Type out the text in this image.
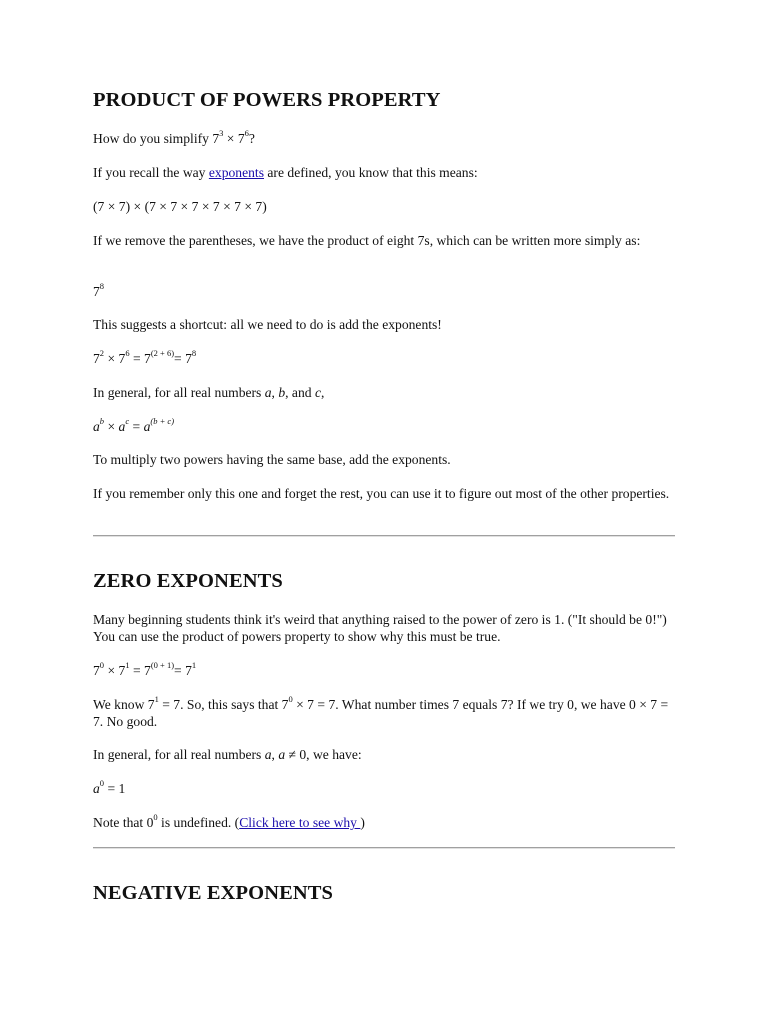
PRODUCT OF POWERS PROPERTY

How do you simplify $7^3 \times 7^6$?

If you recall the way exponents are defined, you know that this means:

(7 × 7) × (7 × 7 × 7 × 7 × 7 × 7)

If we remove the parentheses, we have the product of eight 7s, which can be written more simply as:

$7^8$

This suggests a shortcut: all we need to do is add the exponents!

$7^2 \times 7^6 = 7^{(2 + 6)}= 7^8$

In general, for all real numbers a, b, and c,

$a^b \times a^c = a^{(b + c)}$

To multiply two powers having the same base, add the exponents.

If you remember only this one and forget the rest, you can use it to figure out most of the other properties.

ZERO EXPONENTS

Many beginning students think it's weird that anything raised to the power of zero is 1. ("It should be 0!") You can use the product of powers property to show why this must be true.

$7^0 \times 7^1 = 7^{(0 + 1)}= 7^1$

We know $7^1 = 7$. So, this says that $7^0 \times 7 = 7$. What number times 7 equals 7? If we try 0, we have 0 × 7 = 7. No good.

In general, for all real numbers a, a ≠ 0, we have:

$a^0 = 1$

Note that $0^0$ is undefined. (Click here to see why )

NEGATIVE EXPONENTS
